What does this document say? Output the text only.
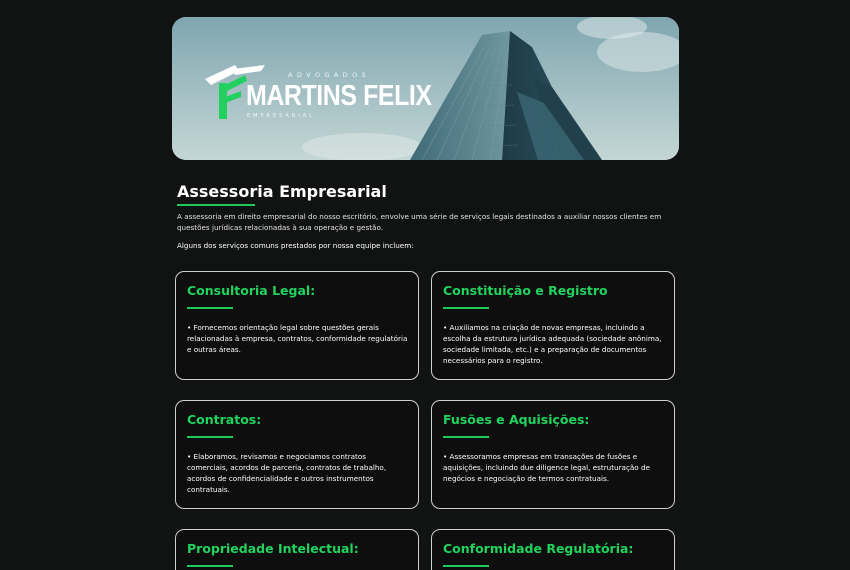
ADVOGADOS
MARTINS FELIX
EMPRESARIAL
Assessoria Empresarial

A assessoria em direito empresarial do nosso escritório, envolve uma série de serviços legais destinados a auxiliar nossos clientes em questões jurídicas relacionadas à sua operação e gestão.

Alguns dos serviços comuns prestados por nossa equipe incluem:

Consultoria Legal:

• Fornecemos orientação legal sobre questões gerais relacionadas à empresa, contratos, conformidade regulatória e outras áreas.

Constituição e Registro

• Auxiliamos na criação de novas empresas, incluindo a escolha da estrutura jurídica adequada (sociedade anônima, sociedade limitada, etc.) e a preparação de documentos necessários para o registro.

Contratos:

• Elaboramos, revisamos e negociamos contratos comerciais, acordos de parceria, contratos de trabalho, acordos de confidencialidade e outros instrumentos contratuais.

Fusões e Aquisições:

• Assessoramos empresas em transações de fusões e aquisições, incluindo due diligence legal, estruturação de negócios e negociação de termos contratuais.

Propriedade Intelectual:	Conformidade Regulatória:
